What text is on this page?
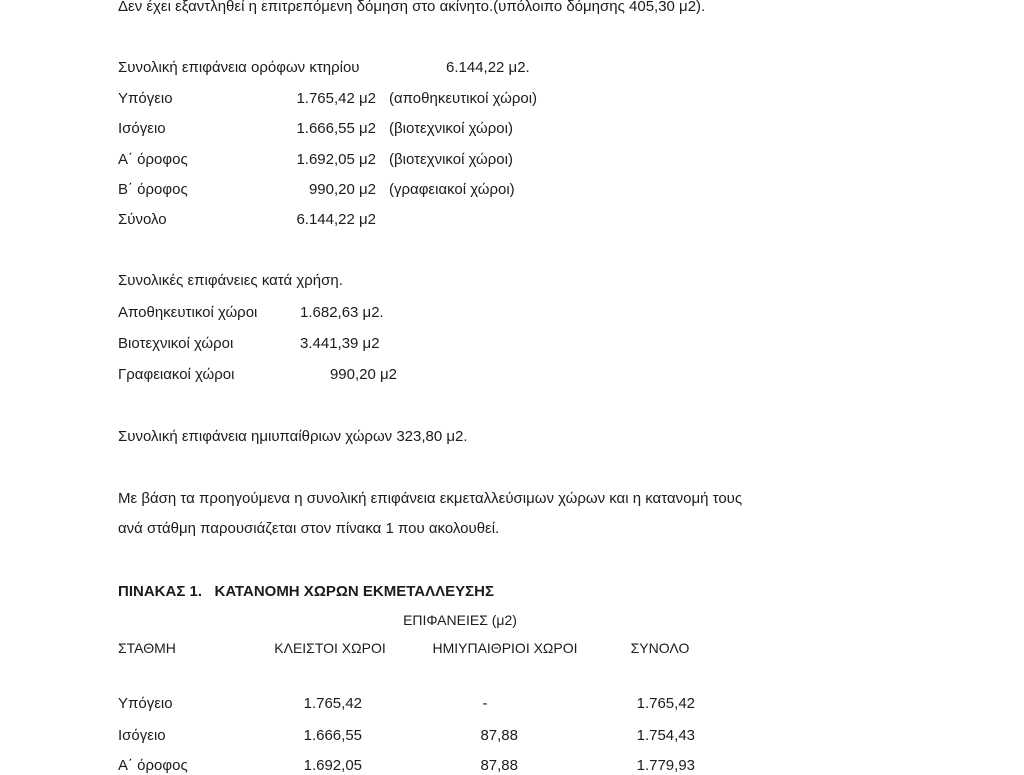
Δεν έχει εξαντληθεί η επιτρεπόμενη δόμηση στο ακίνητο.(υπόλοιπο δόμησης 405,30 μ2).
Συνολική επιφάνεια ορόφων κτηρίου	6.144,22 μ2.
Υπόγειο	1.765,42 μ2 (αποθηκευτικοί χώροι)
Ισόγειο	1.666,55 μ2 (βιοτεχνικοί χώροι)
Α΄ όροφος	1.692,05 μ2 (βιοτεχνικοί χώροι)
Β΄ όροφος	990,20 μ2 (γραφειακοί χώροι)
Σύνολο	6.144,22 μ2
Συνολικές επιφάνειες κατά χρήση.
Αποθηκευτικοί χώροι	1.682,63 μ2.
Βιοτεχνικοί χώροι	3.441,39 μ2
Γραφειακοί χώροι	990,20 μ2
Συνολική επιφάνεια ημιυπαίθριων χώρων 323,80 μ2.
Με βάση τα προηγούμενα η συνολική επιφάνεια εκμεταλλεύσιμων χώρων και η κατανομή τους
ανά στάθμη παρουσιάζεται στον πίνακα 1 που ακολουθεί.
ΠΙΝΑΚΑΣ 1.   ΚΑΤΑΝΟΜΗ ΧΩΡΩΝ ΕΚΜΕΤΑΛΛΕΥΣΗΣ
ΕΠΙΦΑΝΕΙΕΣ (μ2)
ΣΤΑΘΜΗ	ΚΛΕΙΣΤΟΙ ΧΩΡΟΙ	ΗΜΙΥΠΑΙΘΡΙΟΙ ΧΩΡΟΙ	ΣΥΝΟΛΟ
Υπόγειο	1.765,42	-	1.765,42
Ισόγειο	1.666,55	87,88	1.754,43
Α΄ όροφος	1.692,05	87,88	1.779,93
